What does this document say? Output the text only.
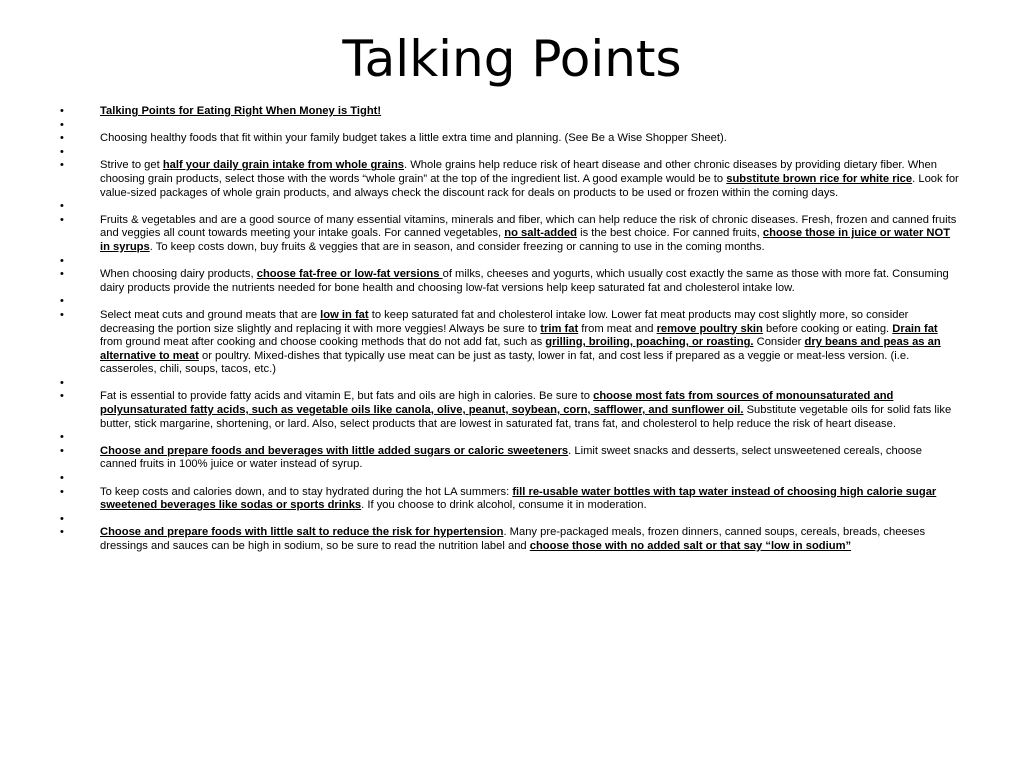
Talking Points
• Talking Points for Eating Right When Money is Tight!
•
• Choosing healthy foods that fit within your family budget takes a little extra time and planning. (See Be a Wise Shopper Sheet).
•
• Strive to get half your daily grain intake from whole grains. Whole grains help reduce risk of heart disease and other chronic diseases by providing dietary fiber. When choosing grain products, select those with the words “whole grain” at the top of the ingredient list. A good example would be to substitute brown rice for white rice. Look for value-sized packages of whole grain products, and always check the discount rack for deals on products to be used or frozen within the coming days.
•
• Fruits & vegetables and are a good source of many essential vitamins, minerals and fiber, which can help reduce the risk of chronic diseases. Fresh, frozen and canned fruits and veggies all count towards meeting your intake goals. For canned vegetables, no salt-added is the best choice. For canned fruits, choose those in juice or water NOT in syrups. To keep costs down, buy fruits & veggies that are in season, and consider freezing or canning to use in the coming months.
•
• When choosing dairy products, choose fat-free or low-fat versions of milks, cheeses and yogurts, which usually cost exactly the same as those with more fat. Consuming dairy products provide the nutrients needed for bone health and choosing low-fat versions help keep saturated fat and cholesterol intake low.
•
• Select meat cuts and ground meats that are low in fat to keep saturated fat and cholesterol intake low. Lower fat meat products may cost slightly more, so consider decreasing the portion size slightly and replacing it with more veggies! Always be sure to trim fat from meat and remove poultry skin before cooking or eating. Drain fat from ground meat after cooking and choose cooking methods that do not add fat, such as grilling, broiling, poaching, or roasting. Consider dry beans and peas as an alternative to meat or poultry. Mixed-dishes that typically use meat can be just as tasty, lower in fat, and cost less if prepared as a veggie or meat-less version. (i.e. casseroles, chili, soups, tacos, etc.)
•
• Fat is essential to provide fatty acids and vitamin E, but fats and oils are high in calories. Be sure to choose most fats from sources of monounsaturated and polyunsaturated fatty acids, such as vegetable oils like canola, olive, peanut, soybean, corn, safflower, and sunflower oil. Substitute vegetable oils for solid fats like butter, stick margarine, shortening, or lard. Also, select products that are lowest in saturated fat, trans fat, and cholesterol to help reduce the risk of heart disease.
•
• Choose and prepare foods and beverages with little added sugars or caloric sweeteners. Limit sweet snacks and desserts, select unsweetened cereals, choose canned fruits in 100% juice or water instead of syrup.
•
• To keep costs and calories down, and to stay hydrated during the hot LA summers: fill re-usable water bottles with tap water instead of choosing high calorie sugar sweetened beverages like sodas or sports drinks. If you choose to drink alcohol, consume it in moderation.
•
• Choose and prepare foods with little salt to reduce the risk for hypertension. Many pre-packaged meals, frozen dinners, canned soups, cereals, breads, cheeses dressings and sauces can be high in sodium, so be sure to read the nutrition label and choose those with no added salt or that say “low in sodium”
